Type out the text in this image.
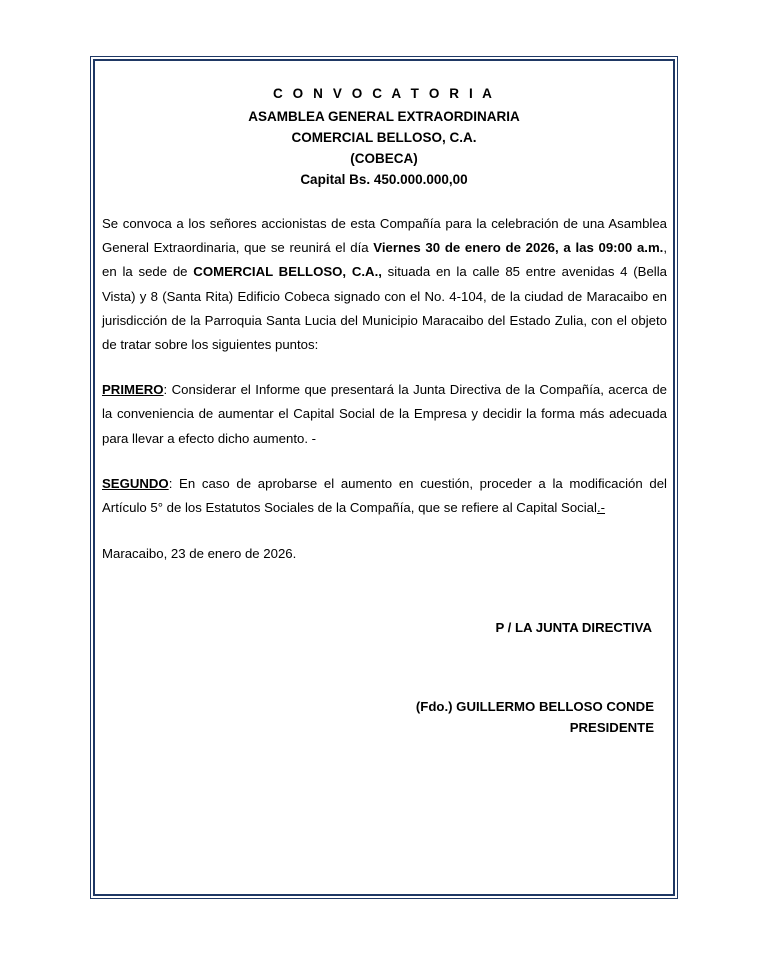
C O N V O C A T O R I A
ASAMBLEA GENERAL EXTRAORDINARIA
COMERCIAL BELLOSO, C.A.
(COBECA)
Capital Bs. 450.000.000,00

Se convoca a los señores accionistas de esta Compañía para la celebración de una Asamblea General Extraordinaria, que se reunirá el día Viernes 30 de enero de 2026, a las 09:00 a.m., en la sede de COMERCIAL BELLOSO, C.A., situada en la calle 85 entre avenidas 4 (Bella Vista) y 8 (Santa Rita) Edificio Cobeca signado con el No. 4-104, de la ciudad de Maracaibo en jurisdicción de la Parroquia Santa Lucia del Municipio Maracaibo del Estado Zulia, con el objeto de tratar sobre los siguientes puntos:

PRIMERO: Considerar el Informe que presentará la Junta Directiva de la Compañía, acerca de la conveniencia de aumentar el Capital Social de la Empresa y decidir la forma más adecuada para llevar a efecto dicho aumento. -

SEGUNDO: En caso de aprobarse el aumento en cuestión, proceder a la modificación del Artículo 5° de los Estatutos Sociales de la Compañía, que se refiere al Capital Social.-

Maracaibo, 23 de enero de 2026.

P / LA JUNTA DIRECTIVA
(Fdo.) GUILLERMO BELLOSO CONDE
PRESIDENTE
